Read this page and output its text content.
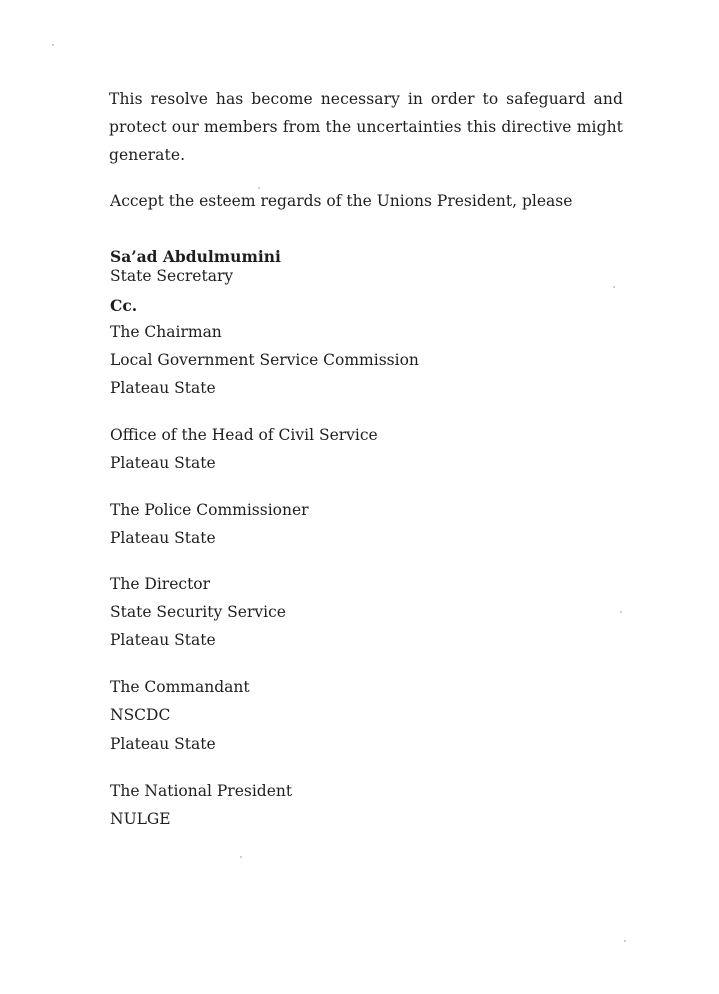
This resolve has become necessary in order to safeguard and
protect our members from the uncertainties this directive might
generate.

Accept the esteem regards of the Unions President, please

Sa’ad Abdulmumini

State Secretary

Cc.

The Chairman

Local Government Service Commission

Plateau State

Office of the Head of Civil Service

Plateau State

The Police Commissioner

Plateau State

The Director

State Security Service

Plateau State

The Commandant

NSCDC

Plateau State

The National President

NULGE
